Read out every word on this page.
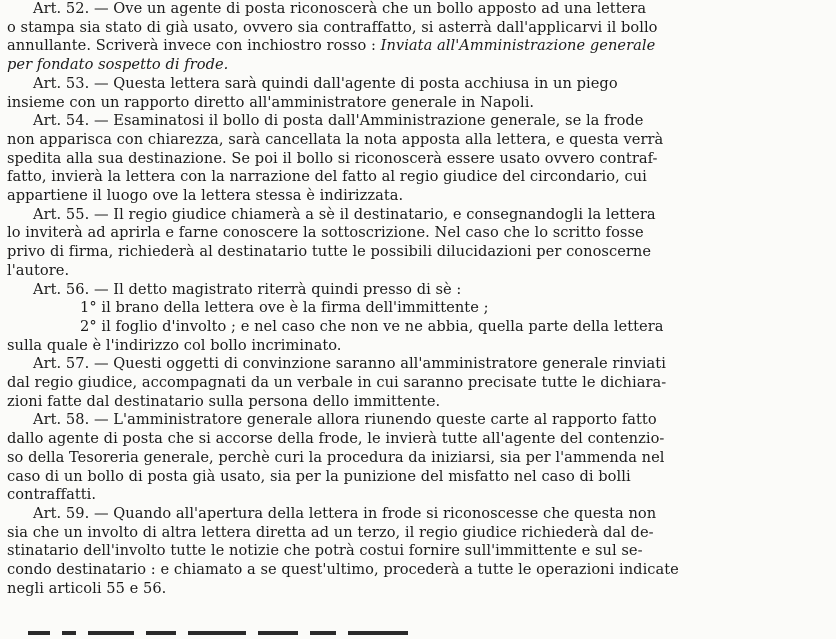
Art. 52. — Ove un agente di posta riconoscerà che un bollo apposto ad una lettera
o stampa sia stato di già usato, ovvero sia contraffatto, si asterrà dall'applicarvi il bollo
annullante. Scriverà invece con inchiostro rosso : Inviata all'Amministrazione generale
per fondato sospetto di frode.
Art. 53. — Questa lettera sarà quindi dall'agente di posta acchiusa in un piego
insieme con un rapporto diretto all'amministratore generale in Napoli.
Art. 54. — Esaminatosi il bollo di posta dall'Amministrazione generale, se la frode
non apparisca con chiarezza, sarà cancellata la nota apposta alla lettera, e questa verrà
spedita alla sua destinazione. Se poi il bollo si riconoscerà essere usato ovvero contraf-
fatto, invierà la lettera con la narrazione del fatto al regio giudice del circondario, cui
appartiene il luogo ove la lettera stessa è indirizzata.
Art. 55. — Il regio giudice chiamerà a sè il destinatario, e consegnandogli la lettera
lo inviterà ad aprirla e farne conoscere la sottoscrizione. Nel caso che lo scritto fosse
privo di firma, richiederà al destinatario tutte le possibili dilucidazioni per conoscerne
l'autore.
Art. 56. — Il detto magistrato riterrà quindi presso di sè :
1° il brano della lettera ove è la firma dell'immittente ;
2° il foglio d'involto ; e nel caso che non ve ne abbia, quella parte della lettera
sulla quale è l'indirizzo col bollo incriminato.
Art. 57. — Questi oggetti di convinzione saranno all'amministratore generale rinviati
dal regio giudice, accompagnati da un verbale in cui saranno precisate tutte le dichiara-
zioni fatte dal destinatario sulla persona dello immittente.
Art. 58. — L'amministratore generale allora riunendo queste carte al rapporto fatto
dallo agente di posta che si accorse della frode, le invierà tutte all'agente del contenzio-
so della Tesoreria generale, perchè curi la procedura da iniziarsi, sia per l'ammenda nel
caso di un bollo di posta già usato, sia per la punizione del misfatto nel caso di bolli
contraffatti.
Art. 59. — Quando all'apertura della lettera in frode si riconoscesse che questa non
sia che un involto di altra lettera diretta ad un terzo, il regio giudice richiederà dal de-
stinatario dell'involto tutte le notizie che potrà costui fornire sull'immittente e sul se-
condo destinatario : e chiamato a se quest'ultimo, procederà a tutte le operazioni indicate
negli articoli 55 e 56.
